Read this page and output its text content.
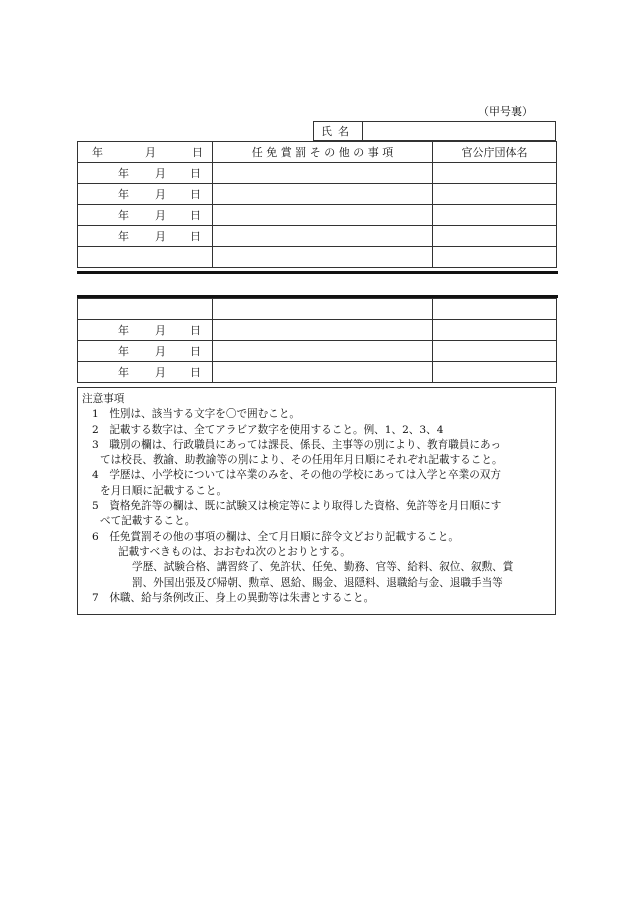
（甲号裏）
氏名
年 月 日	任 免 賞 罰 そ の 他 の 事 項	官公庁団体名
年 月 日		
年 月 日		
年 月 日		
年 月 日		

年 月 日		
年 月 日		
年 月 日		
注意事項
1　性別は、該当する文字を〇で囲むこと。
2　記載する数字は、全てアラビア数字を使用すること。例、1、2、3、4
3　職別の欄は、行政職員にあっては課長、係長、主事等の別により、教育職員にあっ
ては校長、教諭、助教諭等の別により、その任用年月日順にそれぞれ記載すること。
4　学歴は、小学校については卒業のみを、その他の学校にあっては入学と卒業の双方
を月日順に記載すること。
5　資格免許等の欄は、既に試験又は検定等により取得した資格、免許等を月日順にす
べて記載すること。
6　任免賞罰その他の事項の欄は、全て月日順に辞令文どおり記載すること。
記載すべきものは、おおむね次のとおりとする。
学歴、試験合格、講習終了、免許状、任免、勤務、官等、給料、叙位、叙勲、賞
罰、外国出張及び帰朝、勲章、恩給、賜金、退隠料、退職給与金、退職手当等
7　休職、給与条例改正、身上の異動等は朱書とすること。
